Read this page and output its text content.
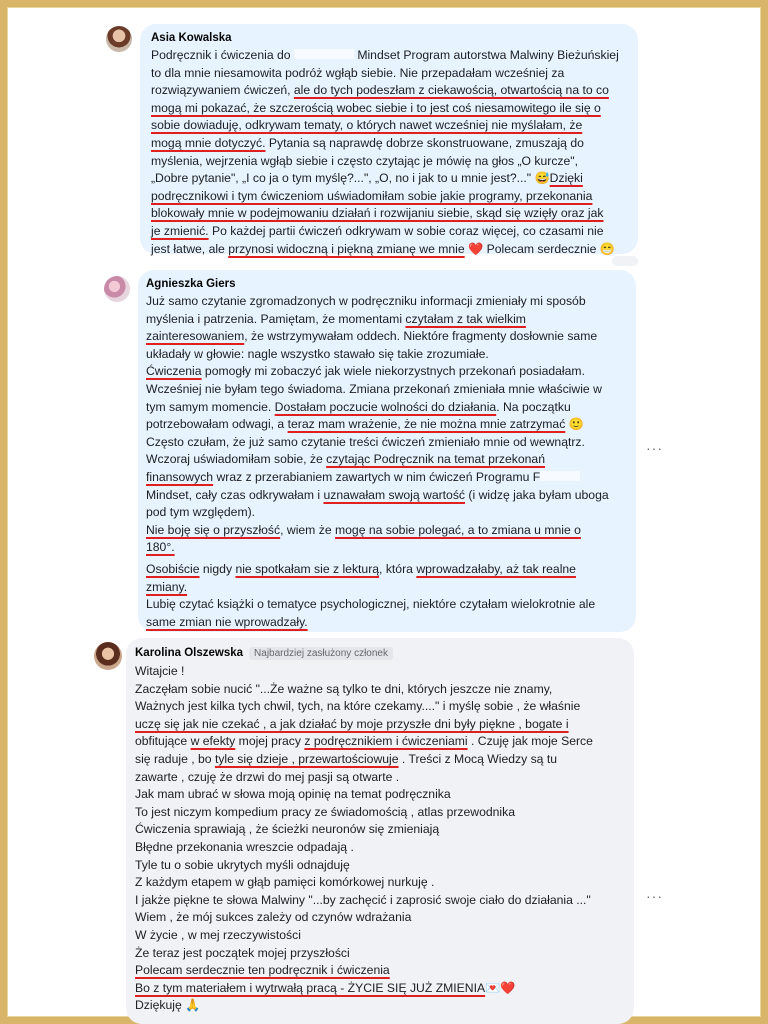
Asia Kowalska
Podręcznik i ćwiczenia do	Mindset Program autorstwa Malwiny Bieżuńskiej
to dla mnie niesamowita podróż wgłąb siebie. Nie przepadałam wcześniej za
rozwiązywaniem ćwiczeń, ale do tych podeszłam z ciekawością, otwartością na to co
mogą mi pokazać, że szczerością wobec siebie i to jest coś niesamowitego ile się o
sobie dowiaduję, odkrywam tematy, o których nawet wcześniej nie myślałam, że
mogą mnie dotyczyć. Pytania są naprawdę dobrze skonstruowane, zmuszają do
myślenia, wejrzenia wgłąb siebie i często czytając je mówię na głos „O kurcze",
„Dobre pytanie", „I co ja o tym myślę?...", „O, no i jak to u mnie jest?..." 😅Dzięki
podręcznikowi i tym ćwiczeniom uświadomiłam sobie jakie programy, przekonania
blokowały mnie w podejmowaniu działań i rozwijaniu siebie, skąd się wzięły oraz jak
je zmienić. Po każdej partii ćwiczeń odkrywam w sobie coraz więcej, co czasami nie
jest łatwe, ale przynosi widoczną i piękną zmianę we mnie ❤️ Polecam serdecznie 😁
Agnieszka Giers
Już samo czytanie zgromadzonych w podręczniku informacji zmieniały mi sposób
myślenia i patrzenia. Pamiętam, że momentami czytałam z tak wielkim
zainteresowaniem, że wstrzymywałam oddech. Niektóre fragmenty dosłownie same
układały w głowie: nagle wszystko stawało się takie zrozumiałe.
Ćwiczenia pomogły mi zobaczyć jak wiele niekorzystnych przekonań posiadałam.
Wcześniej nie byłam tego świadoma. Zmiana przekonań zmieniała mnie właściwie w
tym samym momencie. Dostałam poczucie wolności do działania. Na początku
potrzebowałam odwagi, a teraz mam wrażenie, że nie można mnie zatrzymać 🙂
Często czułam, że już samo czytanie treści ćwiczeń zmieniało mnie od wewnątrz.
Wczoraj uświadomiłam sobie, że czytając Podręcznik na temat przekonań
finansowych wraz z przerabianiem zawartych w nim ćwiczeń Programu F
Mindset, cały czas odkrywałam i uznawałam swoją wartość (i widzę jaka byłam uboga
pod tym względem).
Nie boję się o przyszłość, wiem że mogę na sobie polegać, a to zmiana u mnie o
180°.

Osobiście nigdy nie spotkałam sie z lekturą, która wprowadzałaby, aż tak realne
zmiany.
Lubię czytać książki o tematyce psychologicznej, niektóre czytałam wielokrotnie ale
same zmian nie wprowadzały.
···
Karolina Olszewska Najbardziej zasłużony członek
Witajcie !
Zaczęłam sobie nucić "...Że ważne są tylko te dni, których jeszcze nie znamy,
Ważnych jest kilka tych chwil, tych, na które czekamy...." i myślę sobie , że właśnie
uczę się jak nie czekać , a jak działać by moje przyszłe dni były piękne , bogate i
obfitujące w efekty mojej pracy z podręcznikiem i ćwiczeniami . Czuję jak moje Serce
się raduje , bo tyle się dzieje , przewartościowuje . Treści z Mocą Wiedzy są tu
zawarte , czuję że drzwi do mej pasji są otwarte .
Jak mam ubrać w słowa moją opinię na temat podręcznika
To jest niczym kompedium pracy ze świadomością , atlas przewodnika
Ćwiczenia sprawiają , że ścieżki neuronów się zmieniają
Błędne przekonania wreszcie odpadają .
Tyle tu o sobie ukrytych myśli odnajduję
Z każdym etapem w głąb pamięci komórkowej nurkuję .
I jakże piękne te słowa Malwiny "...by zachęcić i zaprosić swoje ciało do działania ..."
Wiem , że mój sukces zależy od czynów wdrażania
W życie , w mej rzeczywistości
Że teraz jest początek mojej przyszłości
Polecam serdecznie ten podręcznik i ćwiczenia
Bo z tym materiałem i wytrwałą pracą - ŻYCIE SIĘ JUŻ ZMIENIA💌❤️
Dziękuję 🙏
···
